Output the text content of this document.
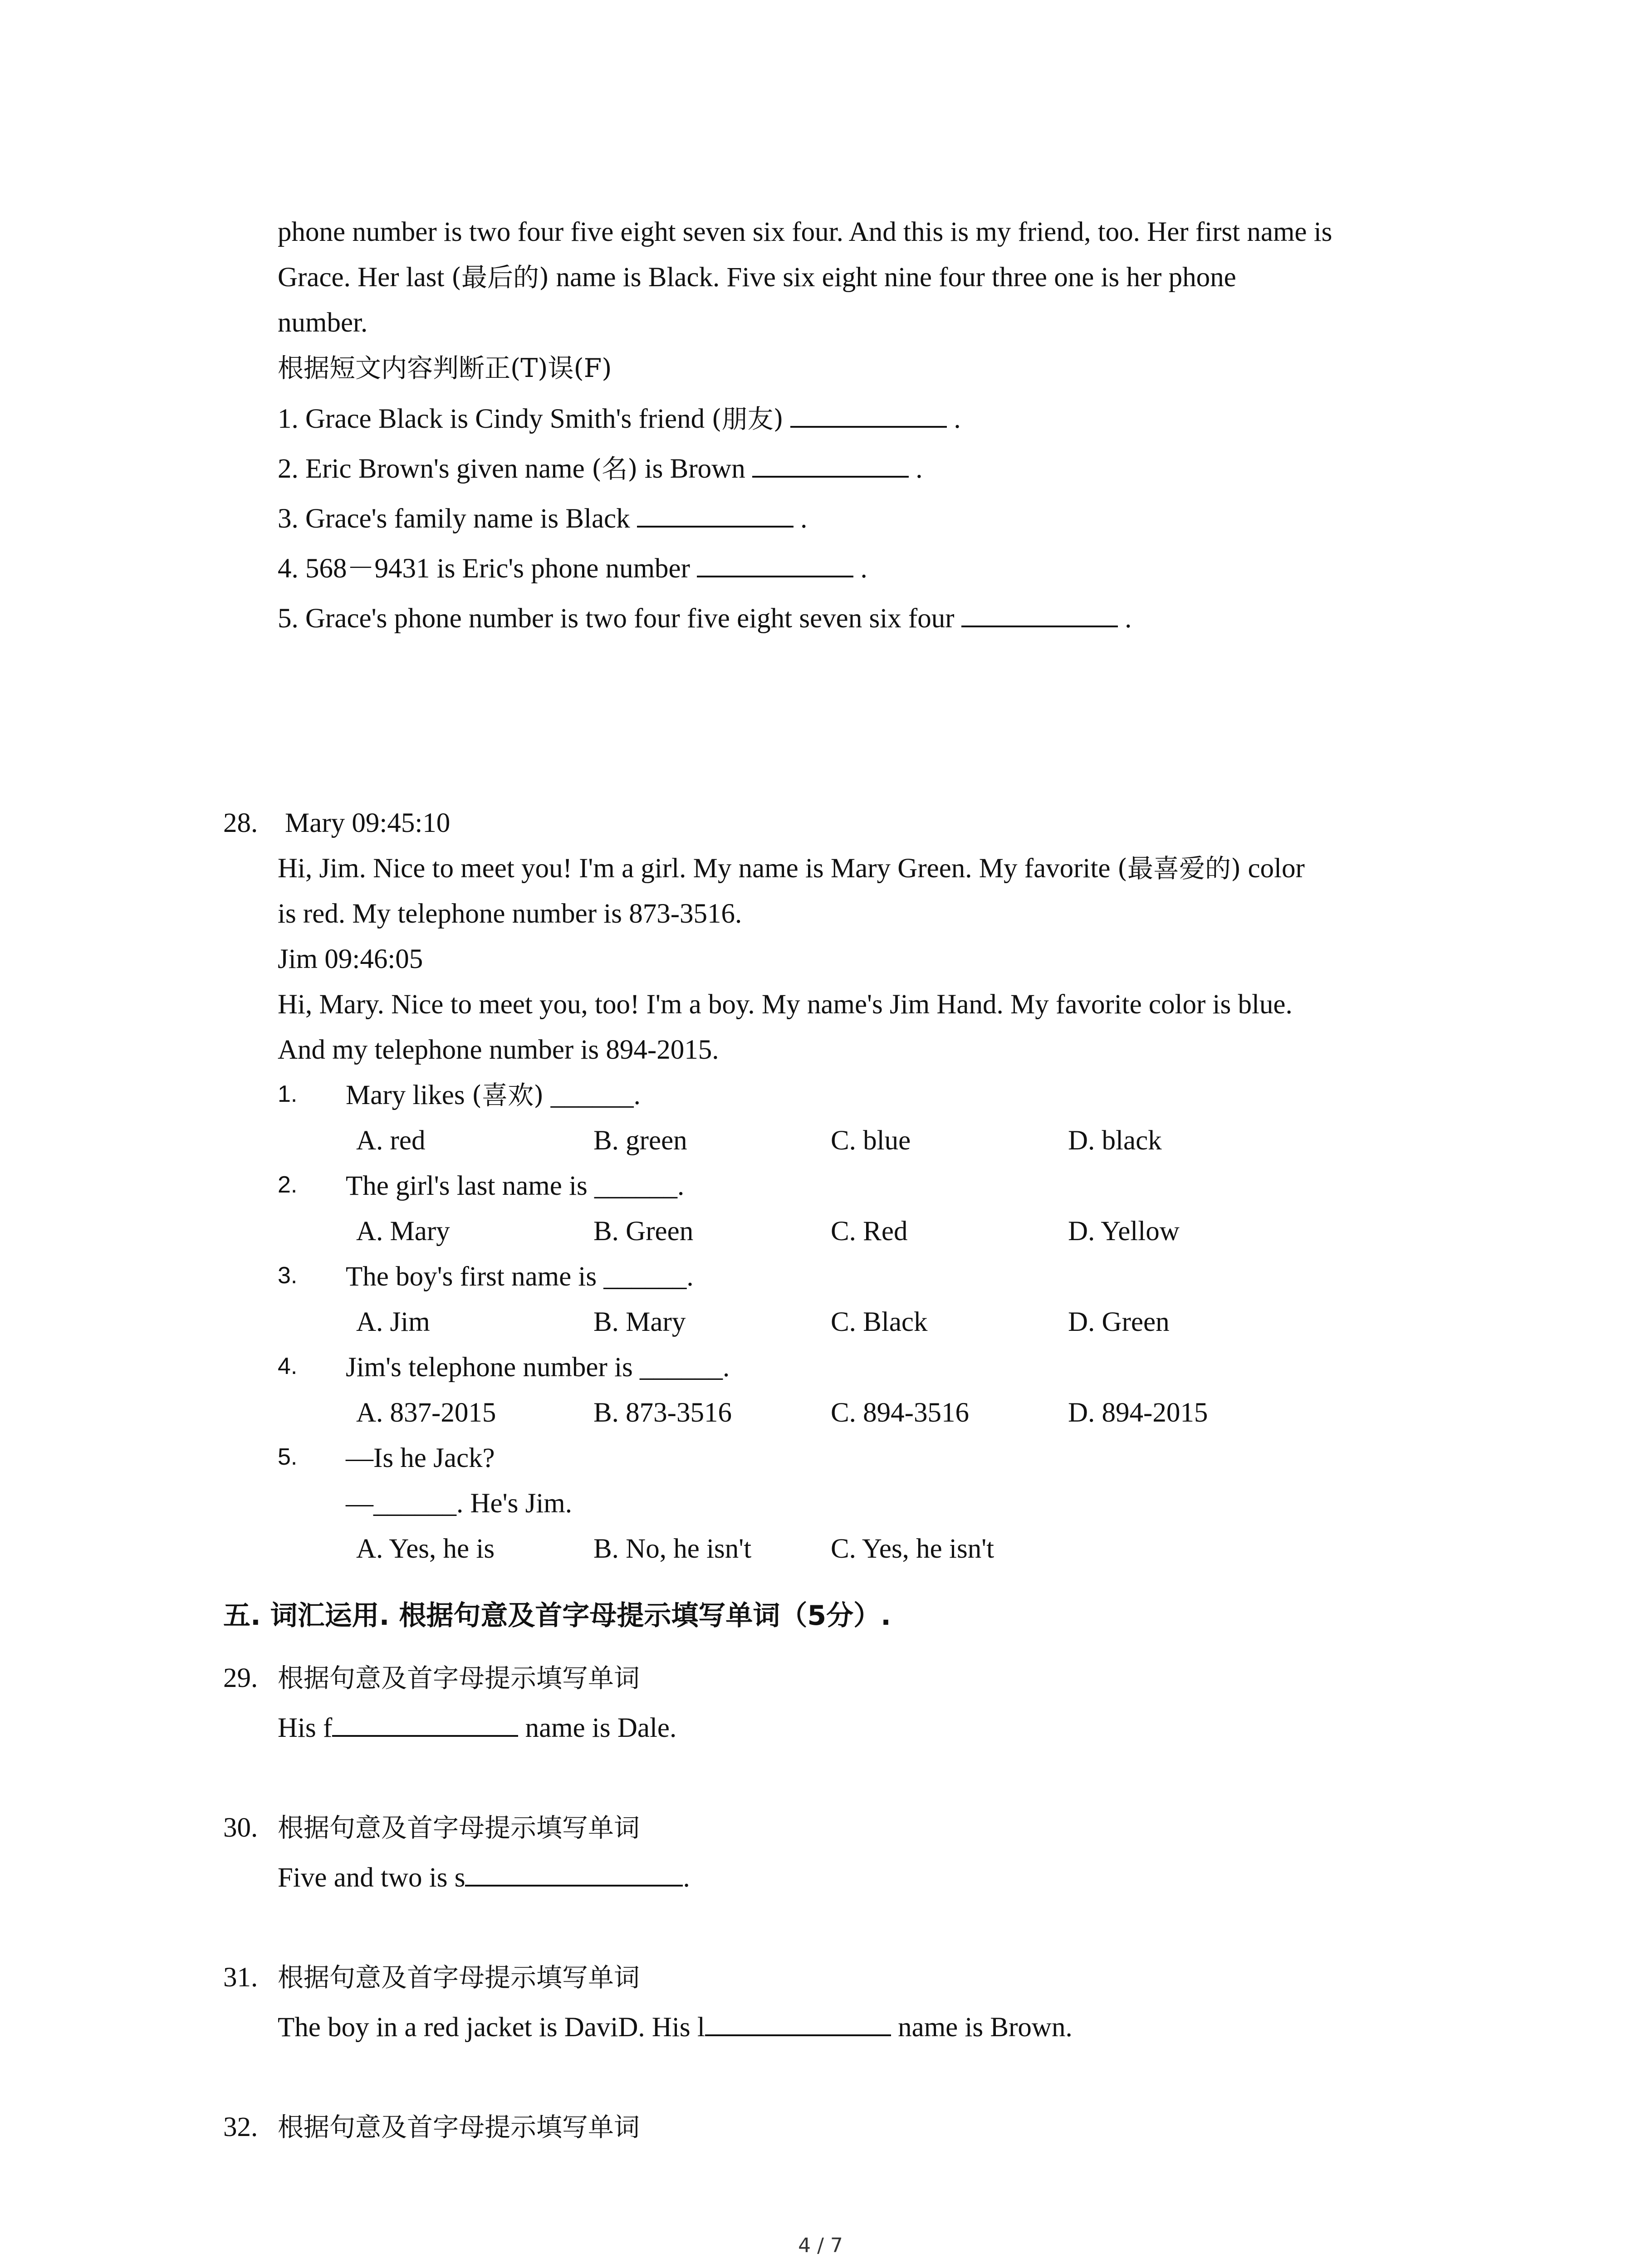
phone number is two four five eight seven six four. And this is my friend, too. Her first name is
Grace. Her last (最后的) name is Black. Five six eight nine four three one is her phone
number.
根据短文内容判断正(T)误(F)
1. Grace Black is Cindy Smith's friend (朋友)	.
2. Eric Brown's given name (名) is Brown	.
3. Grace's family name is Black	.
4. 568－9431 is Eric's phone number	.
5. Grace's phone number is two four five eight seven six four	.
28. Mary 09:45:10
Hi, Jim. Nice to meet you! I'm a girl. My name is Mary Green. My favorite (最喜爱的) color
is red. My telephone number is 873-3516.
Jim 09:46:05
Hi, Mary. Nice to meet you, too! I'm a boy. My name's Jim Hand. My favorite color is blue.
And my telephone number is 894-2015.
1. Mary likes (喜欢) ______.
A. red	B. green	C. blue	D. black
2. The girl's last name is ______.
A. Mary	B. Green	C. Red	D. Yellow
3. The boy's first name is ______.
A. Jim	B. Mary	C. Black	D. Green
4. Jim's telephone number is ______.
A. 837-2015	B. 873-3516	C. 894-3516	D. 894-2015
5. —Is he Jack?
—______. He's Jim.
A. Yes, he is	B. No, he isn't	C. Yes, he isn't
五. 词汇运用. 根据句意及首字母提示填写单词（5分）.
29. 根据句意及首字母提示填写单词
His f	name is Dale.
30. 根据句意及首字母提示填写单词
Five and two is s	.
31. 根据句意及首字母提示填写单词
The boy in a red jacket is DaviD. His l	name is Brown.
32. 根据句意及首字母提示填写单词
4 / 7
